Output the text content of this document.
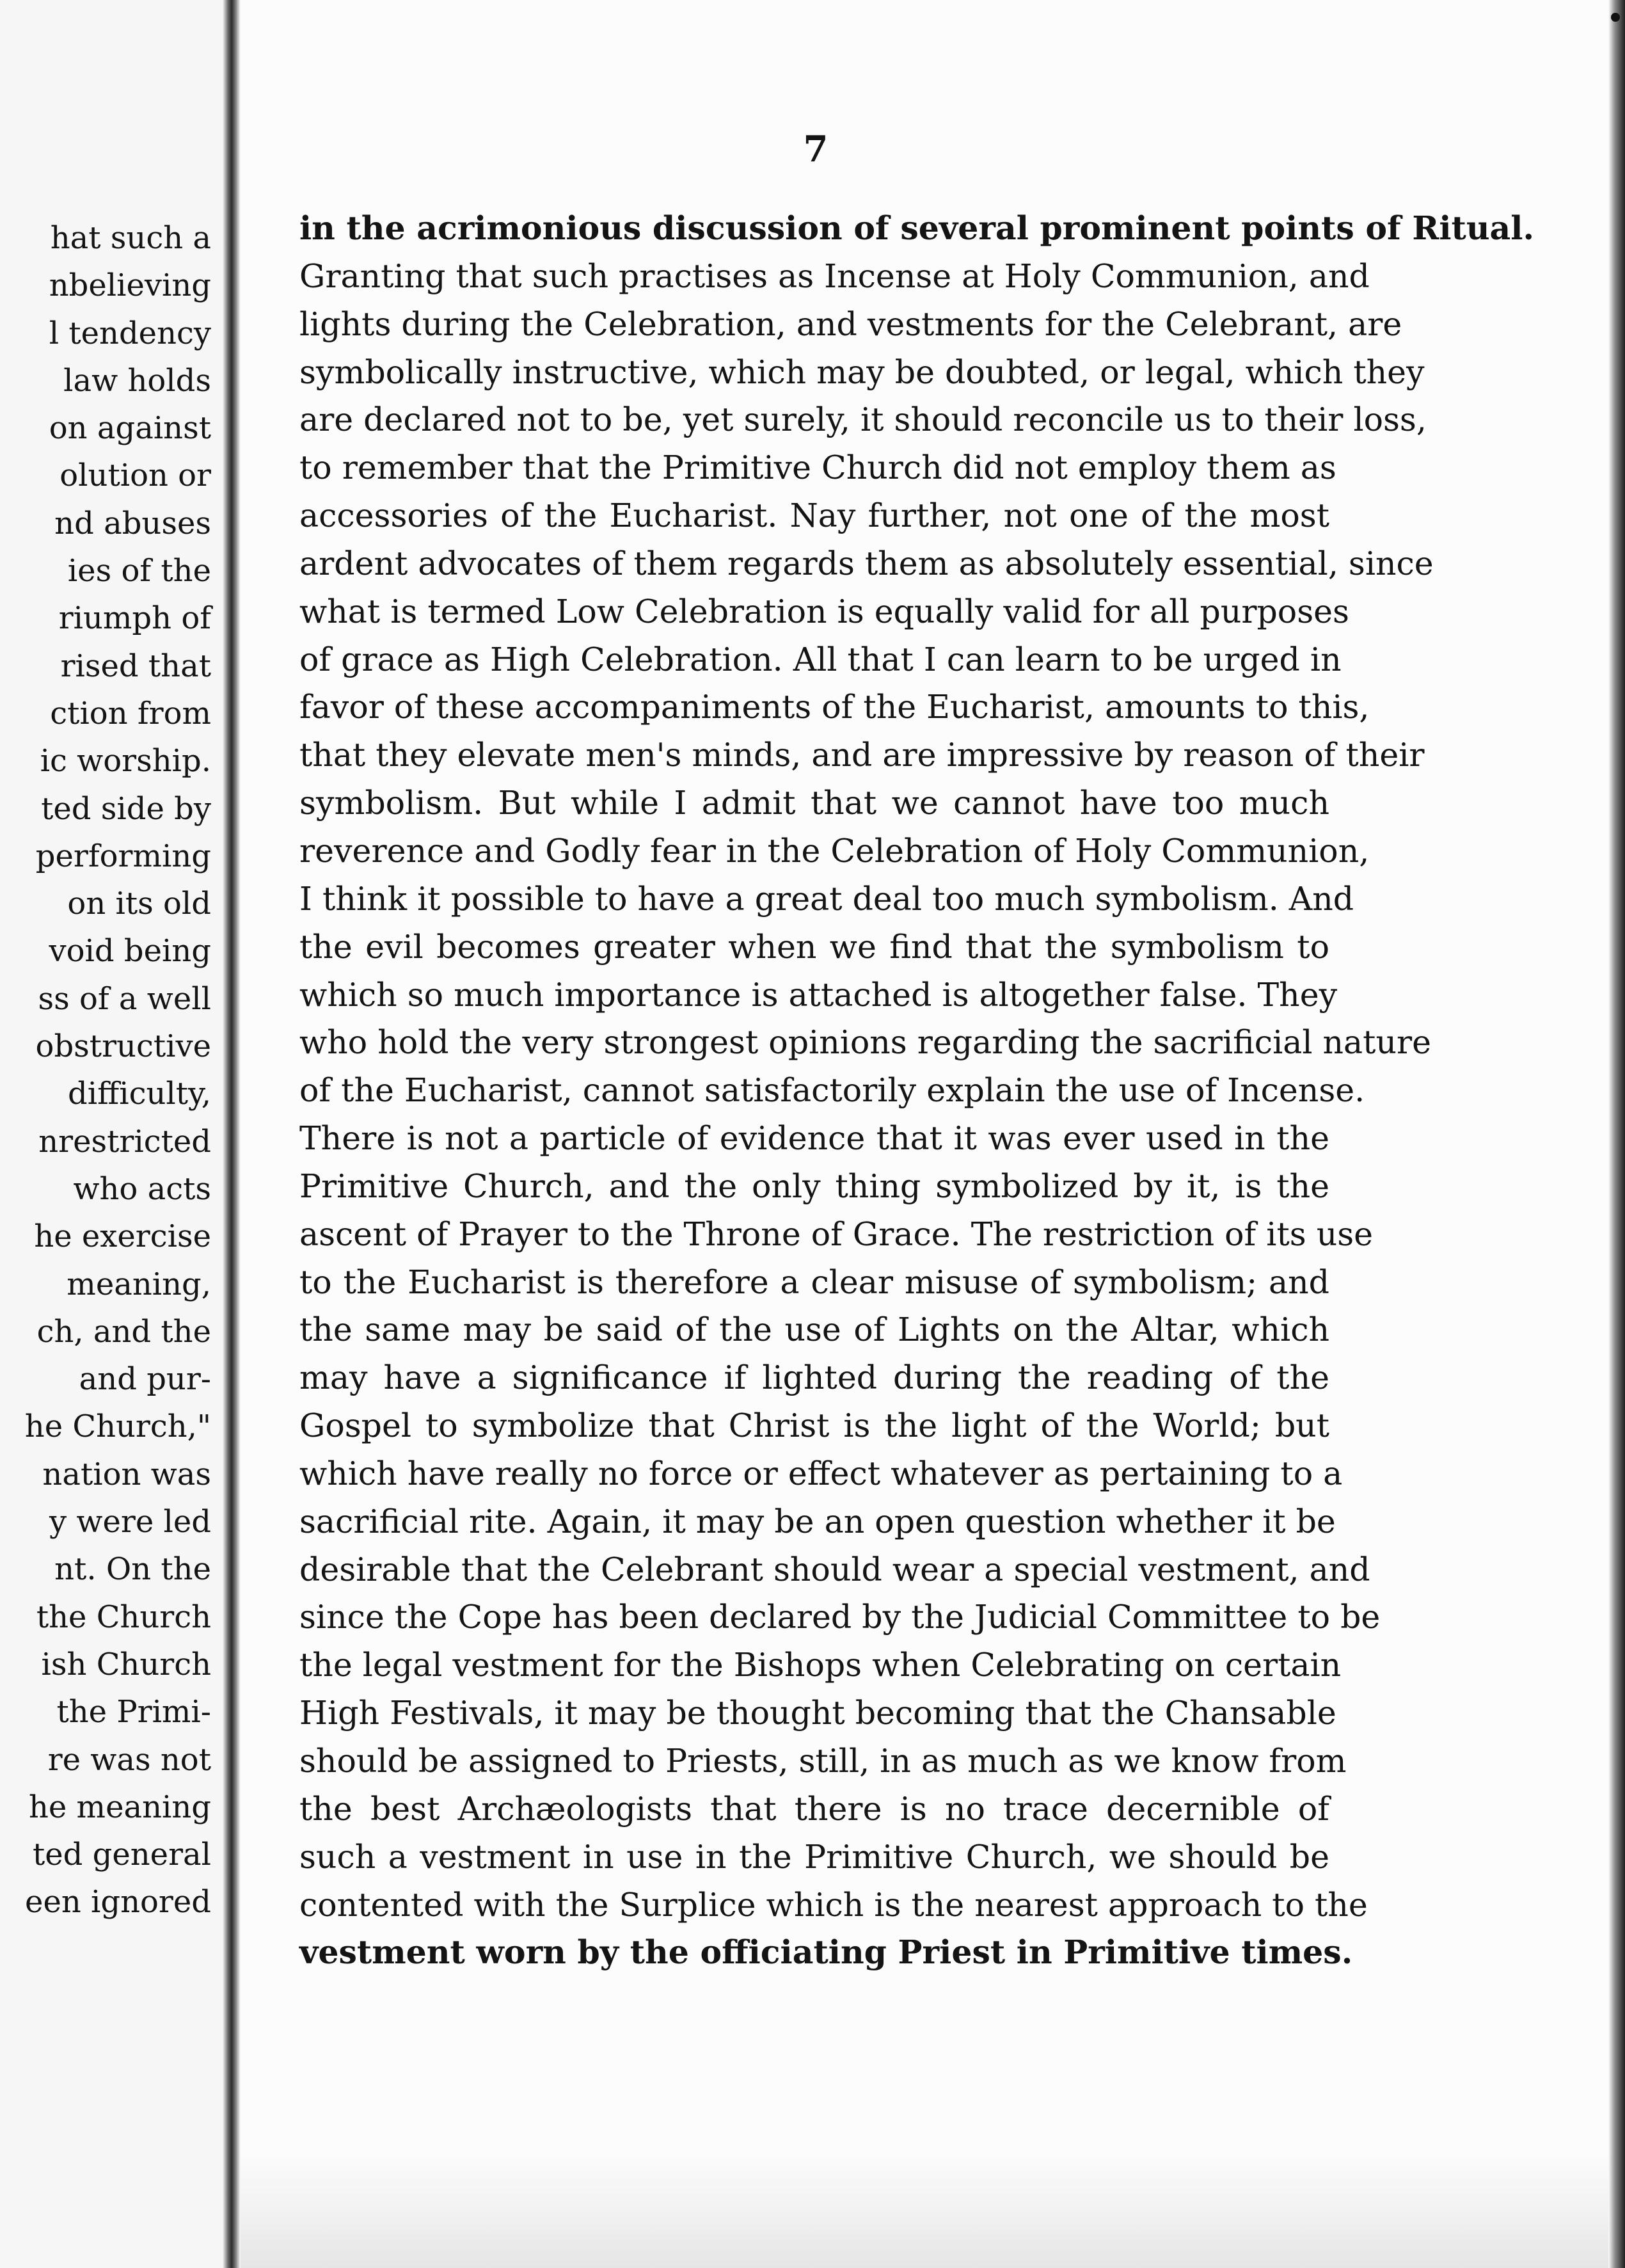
hat such a
nbelieving
l tendency
law holds
on against
olution or
nd abuses
ies of the
riumph of
rised that
ction from
ic worship.
ted side by
performing
on its old
void being
ss of a well
obstructive
difficulty,
nrestricted
who acts
he exercise
meaning,
ch, and the
and pur-
he Church,"
nation was
y were led
nt. On the
the Church
ish Church
the Primi-
re was not
he meaning
ted general
een ignored
7
in the acrimonious discussion of several prominent points of Ritual.
Granting that such practises as Incense at Holy Communion, and
lights during the Celebration, and vestments for the Celebrant, are
symbolically instructive, which may be doubted, or legal, which they
are declared not to be, yet surely, it should reconcile us to their loss,
to remember that the Primitive Church did not employ them as
accessories of the Eucharist. Nay further, not one of the most
ardent advocates of them regards them as absolutely essential, since
what is termed Low Celebration is equally valid for all purposes
of grace as High Celebration. All that I can learn to be urged in
favor of these accompaniments of the Eucharist, amounts to this,
that they elevate men's minds, and are impressive by reason of their
symbolism. But while I admit that we cannot have too much
reverence and Godly fear in the Celebration of Holy Communion,
I think it possible to have a great deal too much symbolism. And
the evil becomes greater when we find that the symbolism to
which so much importance is attached is altogether false. They
who hold the very strongest opinions regarding the sacrificial nature
of the Eucharist, cannot satisfactorily explain the use of Incense.
There is not a particle of evidence that it was ever used in the
Primitive Church, and the only thing symbolized by it, is the
ascent of Prayer to the Throne of Grace. The restriction of its use
to the Eucharist is therefore a clear misuse of symbolism; and
the same may be said of the use of Lights on the Altar, which
may have a significance if lighted during the reading of the
Gospel to symbolize that Christ is the light of the World; but
which have really no force or effect whatever as pertaining to a
sacrificial rite. Again, it may be an open question whether it be
desirable that the Celebrant should wear a special vestment, and
since the Cope has been declared by the Judicial Committee to be
the legal vestment for the Bishops when Celebrating on certain
High Festivals, it may be thought becoming that the Chansable
should be assigned to Priests, still, in as much as we know from
the best Archæologists that there is no trace decernible of
such a vestment in use in the Primitive Church, we should be
contented with the Surplice which is the nearest approach to the
vestment worn by the officiating Priest in Primitive times.
